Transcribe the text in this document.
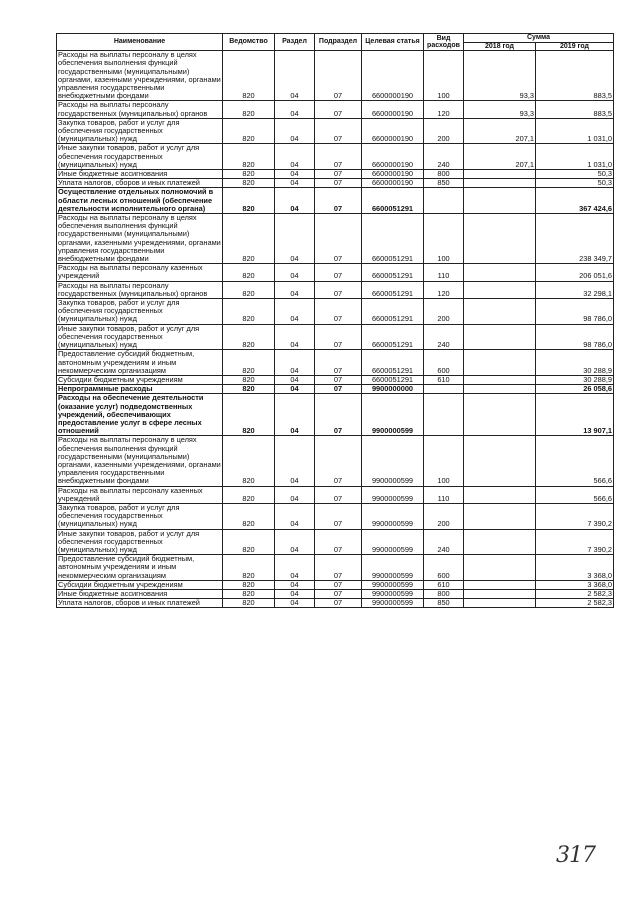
Наименование	Ведомство	Раздел	Подраздел	Целевая статья	Вид расходов	Сумма	
						2018 год	2019 год
Расходы на выплаты персоналу в целях обеспечения выполнения функций государственными (муниципальными) органами, казенными учреждениями, органами управления государственными внебюджетными фондами	820	04	07	6600000190	100	93,3	883,5
Расходы на выплаты персоналу государственных (муниципальных) органов	820	04	07	6600000190	120	93,3	883,5
Закупка товаров, работ и услуг для обеспечения государственных (муниципальных) нужд	820	04	07	6600000190	200	207,1	1 031,0
Иные закупки товаров, работ и услуг для обеспечения государственных (муниципальных) нужд	820	04	07	6600000190	240	207,1	1 031,0
Иные бюджетные ассигнования	820	04	07	6600000190	800		50,3
Уплата налогов, сборов и иных платежей	820	04	07	6600000190	850		50,3
Осуществление отдельных полномочий в области лесных отношений (обеспечение деятельности исполнительного органа)	820	04	07	6600051291			367 424,6
Расходы на выплаты персоналу в целях обеспечения выполнения функций государственными (муниципальными) органами, казенными учреждениями, органами управления государственными внебюджетными фондами	820	04	07	6600051291	100		238 349,7
Расходы на выплаты персоналу казенных учреждений	820	04	07	6600051291	110		206 051,6
Расходы на выплаты персоналу государственных (муниципальных) органов	820	04	07	6600051291	120		32 298,1
Закупка товаров, работ и услуг для обеспечения государственных (муниципальных) нужд	820	04	07	6600051291	200		98 786,0
Иные закупки товаров, работ и услуг для обеспечения государственных (муниципальных) нужд	820	04	07	6600051291	240		98 786,0
Предоставление субсидий бюджетным, автономным учреждениям и иным некоммерческим организациям	820	04	07	6600051291	600		30 288,9
Субсидии бюджетным учреждениям	820	04	07	6600051291	610		30 288,9
Непрограммные расходы	820	04	07	9900000000			26 058,6
Расходы на обеспечение деятельности (оказание услуг) подведомственных учреждений, обеспечивающих предоставление услуг в сфере лесных отношений	820	04	07	9900000599			13 907,1
Расходы на выплаты персоналу в целях обеспечения выполнения функций государственными (муниципальными) органами, казенными учреждениями, органами управления государственными внебюджетными фондами	820	04	07	9900000599	100		566,6
Расходы на выплаты персоналу казенных учреждений	820	04	07	9900000599	110		566,6
Закупка товаров, работ и услуг для обеспечения государственных (муниципальных) нужд	820	04	07	9900000599	200		7 390,2
Иные закупки товаров, работ и услуг для обеспечения государственных (муниципальных) нужд	820	04	07	9900000599	240		7 390,2
Предоставление субсидий бюджетным, автономным учреждениям и иным некоммерческим организациям	820	04	07	9900000599	600		3 368,0
Субсидии бюджетным учреждениям	820	04	07	9900000599	610		3 368,0
Иные бюджетные ассигнования	820	04	07	9900000599	800		2 582,3
Уплата налогов, сборов и иных платежей	820	04	07	9900000599	850		2 582,3
317
